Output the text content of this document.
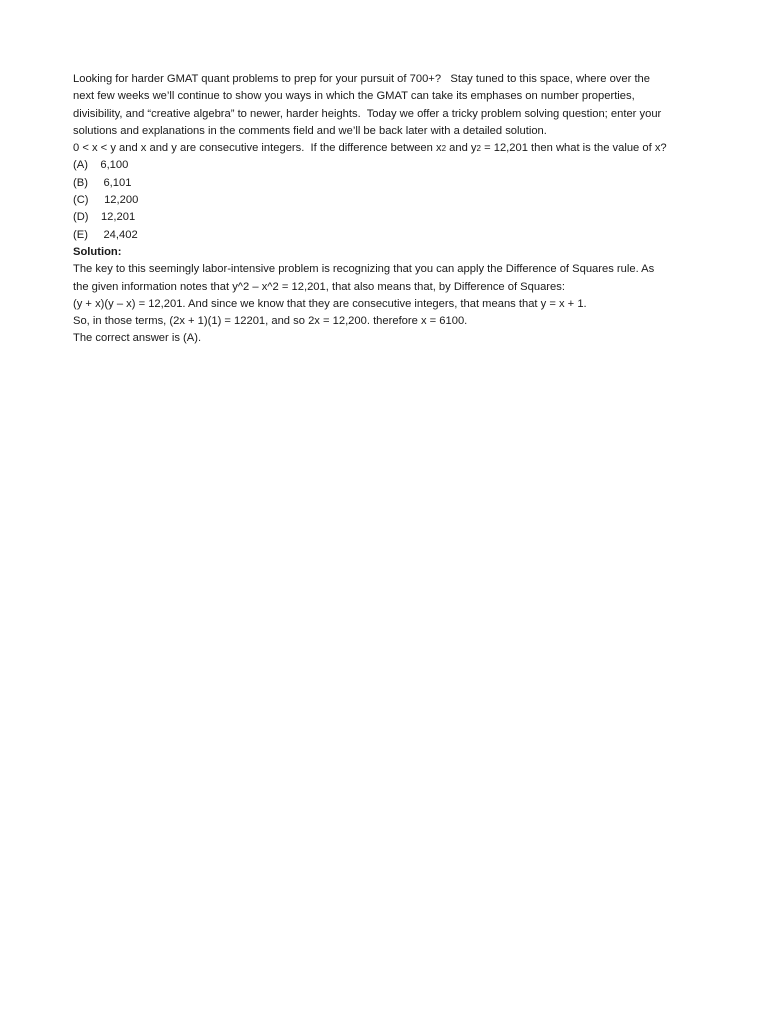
Looking for harder GMAT quant problems to prep for your pursuit of 700+?   Stay tuned to this space, where over the
next few weeks we’ll continue to show you ways in which the GMAT can take its emphases on number properties,
divisibility, and “creative algebra” to newer, harder heights.  Today we offer a tricky problem solving question; enter your
solutions and explanations in the comments field and we’ll be back later with a detailed solution.
0 < x < y and x and y are consecutive integers.  If the difference between x2 and y2 = 12,201 then what is the value of x?
(A)    6,100
(B)     6,101
(C)     12,200
(D)    12,201
(E)     24,402
Solution:
The key to this seemingly labor-intensive problem is recognizing that you can apply the Difference of Squares rule. As
the given information notes that y^2 – x^2 = 12,201, that also means that, by Difference of Squares:
(y + x)(y – x) = 12,201. And since we know that they are consecutive integers, that means that y = x + 1.
So, in those terms, (2x + 1)(1) = 12201, and so 2x = 12,200. therefore x = 6100.
The correct answer is (A).
